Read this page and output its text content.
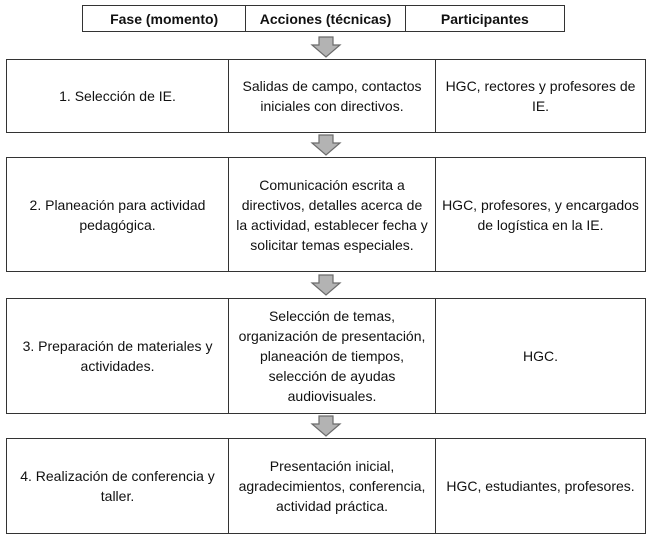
Fase (momento)	Acciones (técnicas)	Participantes
1. Selección de IE.
Salidas de campo, contactos iniciales con directivos.
HGC, rectores y profesores de IE.
2. Planeación para actividad pedagógica.
Comunicación escrita a directivos, detalles acerca de la actividad, establecer fecha y solicitar temas especiales.
HGC, profesores, y encargados de logística en la IE.
3. Preparación de materiales y actividades.
Selección de temas, organización de presentación, planeación de tiempos, selección de ayudas audiovisuales.
HGC.
4. Realización de conferencia y taller.
Presentación inicial, agradecimientos, conferencia, actividad práctica.
HGC, estudiantes, profesores.
